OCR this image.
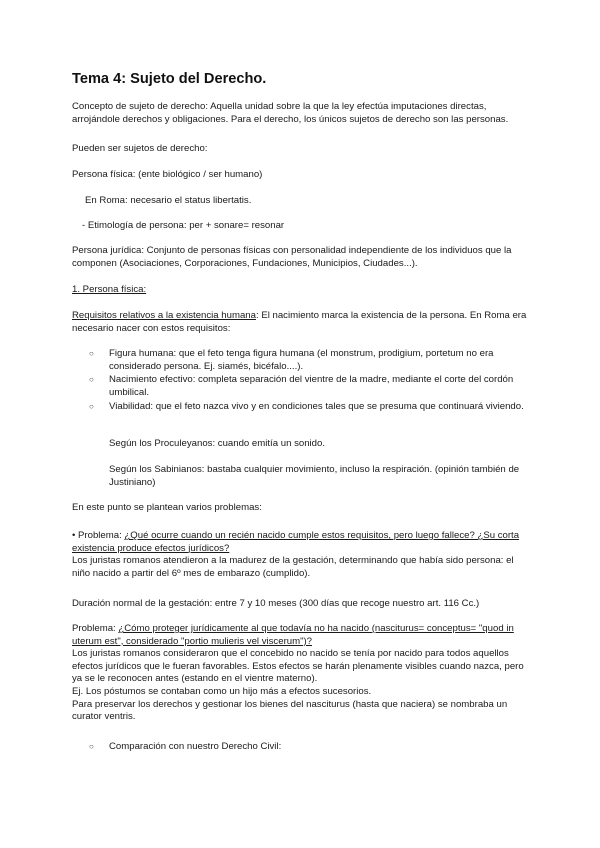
Tema 4: Sujeto del Derecho.

Concepto de sujeto de derecho: Aquella unidad sobre la que la ley efectúa imputaciones directas, arrojándole derechos y obligaciones. Para el derecho, los únicos sujetos de derecho son las personas.

Pueden ser sujetos de derecho:

Persona física: (ente biológico / ser humano)

En Roma: necesario el status libertatis.

- Etimología de persona: per + sonare= resonar

Persona jurídica: Conjunto de personas físicas con personalidad independiente de los individuos que la componen (Asociaciones, Corporaciones, Fundaciones, Municipios, Ciudades...).

1. Persona física:

Requisitos relativos a la existencia humana: El nacimiento marca la existencia de la persona. En Roma era necesario nacer con estos requisitos:

○	Figura humana: que el feto tenga figura humana (el monstrum, prodigium, portetum no era considerado persona. Ej. siamés, bicéfalo....).

○	Nacimiento efectivo: completa separación del vientre de la madre, mediante el corte del cordón umbilical.

○	Viabilidad: que el feto nazca vivo y en condiciones tales que se presuma que continuará viviendo.

Según los Proculeyanos: cuando emitía un sonido.

Según los Sabinianos: bastaba cualquier movimiento, incluso la respiración. (opinión también de Justiniano)

En este punto se plantean varios problemas:

• Problema: ¿Qué ocurre cuando un recién nacido cumple estos requisitos, pero luego fallece? ¿Su corta existencia produce efectos jurídicos?
Los juristas romanos atendieron a la madurez de la gestación, determinando que había sido persona: el niño nacido a partir del 6º mes de embarazo (cumplido).

Duración normal de la gestación: entre 7 y 10 meses (300 días que recoge nuestro art. 116 Cc.)

Problema: ¿Cómo proteger jurídicamente al que todavía no ha nacido (nasciturus= conceptus= "quod in uterum est", considerado "portio mulieris vel viscerum")?
Los juristas romanos consideraron que el concebido no nacido se tenía por nacido para todos aquellos efectos jurídicos que le fueran favorables. Estos efectos se harán plenamente visibles cuando nazca, pero ya se le reconocen antes (estando en el vientre materno).
Ej. Los póstumos se contaban como un hijo más a efectos sucesorios.
Para preservar los derechos y gestionar los bienes del nasciturus (hasta que naciera) se nombraba un curator ventris.

○	Comparación con nuestro Derecho Civil:
